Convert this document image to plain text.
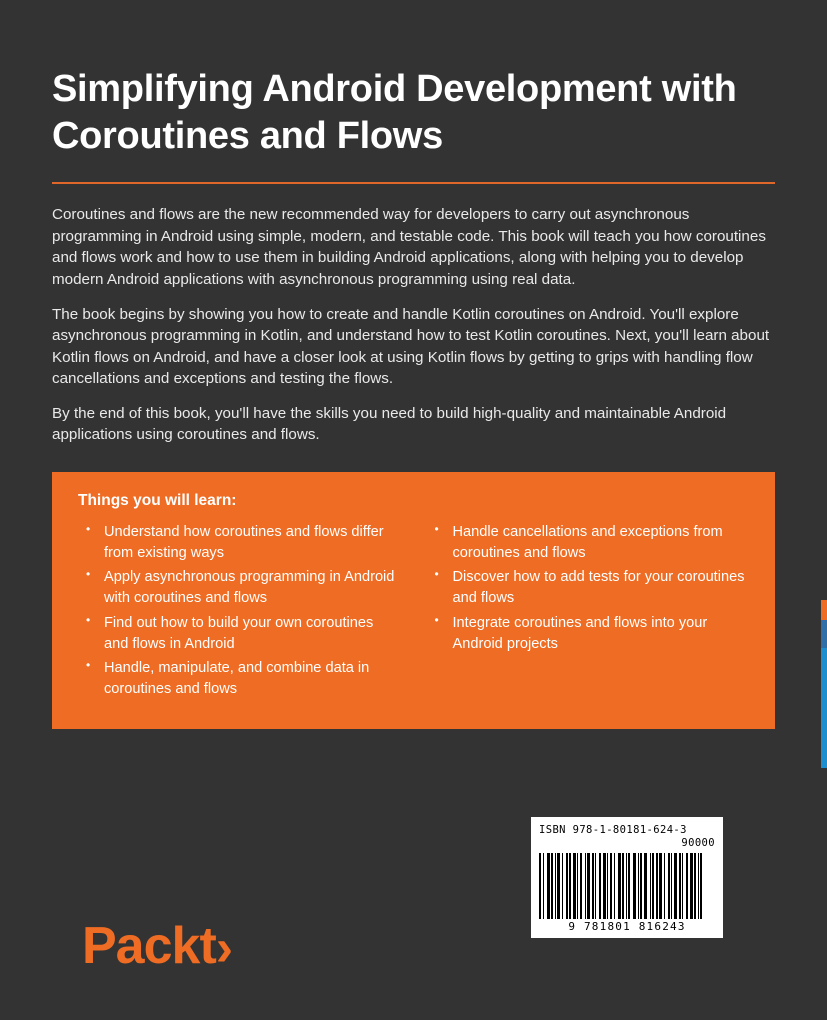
Simplifying Android Development with Coroutines and Flows

Coroutines and flows are the new recommended way for developers to carry out asynchronous programming in Android using simple, modern, and testable code. This book will teach you how coroutines and flows work and how to use them in building Android applications, along with helping you to develop modern Android applications with asynchronous programming using real data.

The book begins by showing you how to create and handle Kotlin coroutines on Android. You'll explore asynchronous programming in Kotlin, and understand how to test Kotlin coroutines. Next, you'll learn about Kotlin flows on Android, and have a closer look at using Kotlin flows by getting to grips with handling flow cancellations and exceptions and testing the flows.

By the end of this book, you'll have the skills you need to build high-quality and maintainable Android applications using coroutines and flows.

Things you will learn:
• Understand how coroutines and flows differ from existing ways
• Apply asynchronous programming in Android with coroutines and flows
• Find out how to build your own coroutines and flows in Android
• Handle, manipulate, and combine data in coroutines and flows
• Handle cancellations and exceptions from coroutines and flows
• Discover how to add tests for your coroutines and flows
• Integrate coroutines and flows into your Android projects
Packt›
ISBN 978-1-80181-624-3
90000
9 781801 816243
